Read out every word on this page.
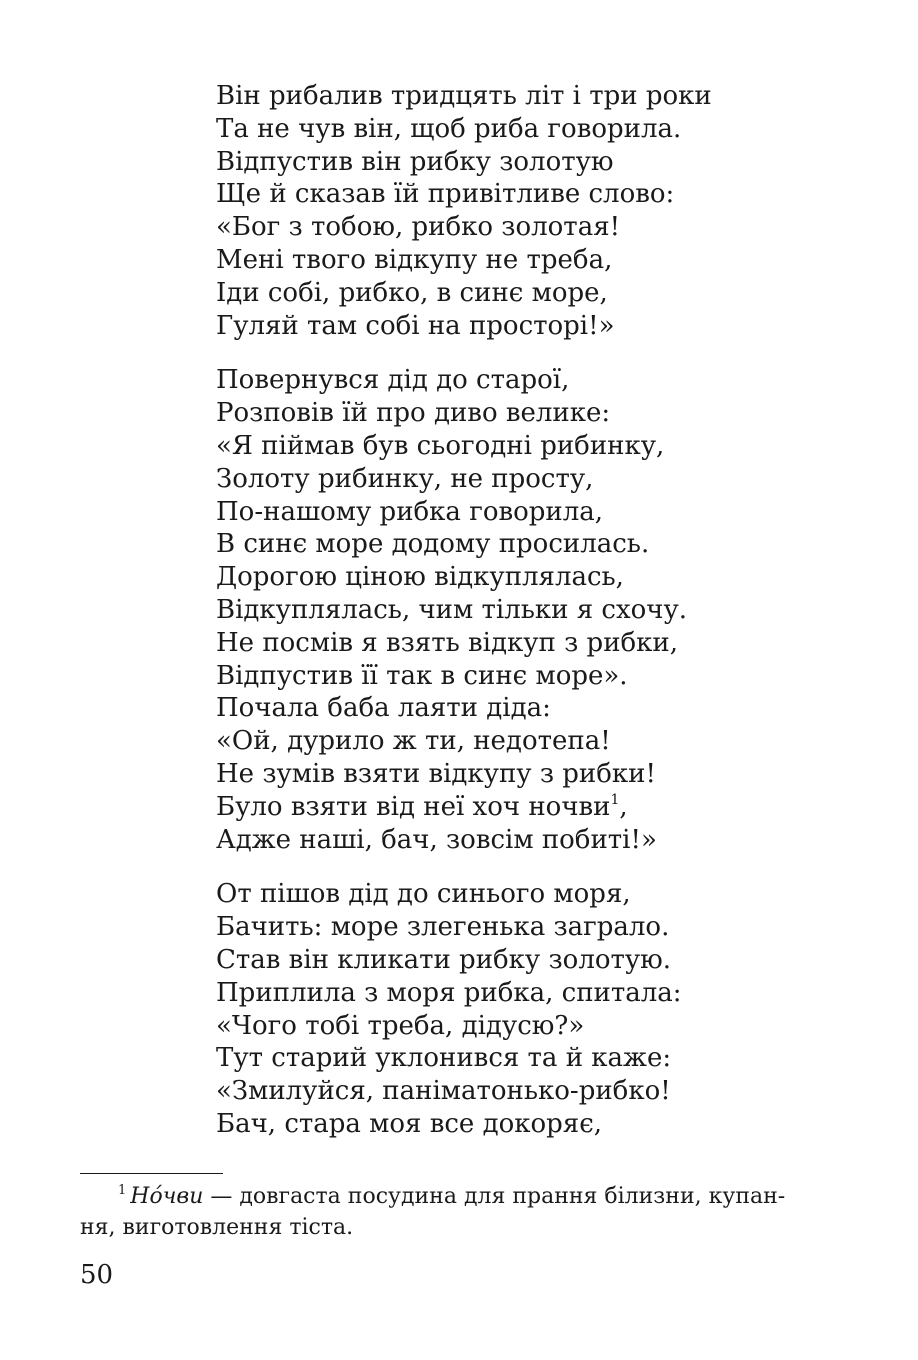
Він рибалив тридцять літ і три роки
Та не чув він, щоб риба говорила.
Відпустив він рибку золотую
Ще й сказав їй привітливе слово:
«Бог з тобою, рибко золотая!
Мені твого відкупу не треба,
Іди собі, рибко, в синє море,
Гуляй там собі на просторі!»
Повернувся дід до старої,
Розповів їй про диво велике:
«Я піймав був сьогодні рибинку,
Золоту рибинку, не просту,
По-нашому рибка говорила,
В синє море додому просилась.
Дорогою ціною відкуплялась,
Відкуплялась, чим тільки я схочу.
Не посмів я взять відкуп з рибки,
Відпустив її так в синє море».
Почала баба лаяти діда:
«Ой, дурило ж ти, недотепа!
Не зумів взяти відкупу з рибки!
Було взяти від неї хоч ночви$^1$,
Адже наші, бач, зовсім побиті!»
От пішов дід до синього моря,
Бачить: море злегенька заграло.
Став він кликати рибку золотую.
Приплила з моря рибка, спитала:
«Чого тобі треба, дідусю?»
Тут старий уклонився та й каже:
«Змилуйся, паніматонько-рибко!
Бач, стара моя все докоряє,
$^1$ Но́чви — довгаста посудина для прання білизни, купан-
ня, виготовлення тіста.
50
